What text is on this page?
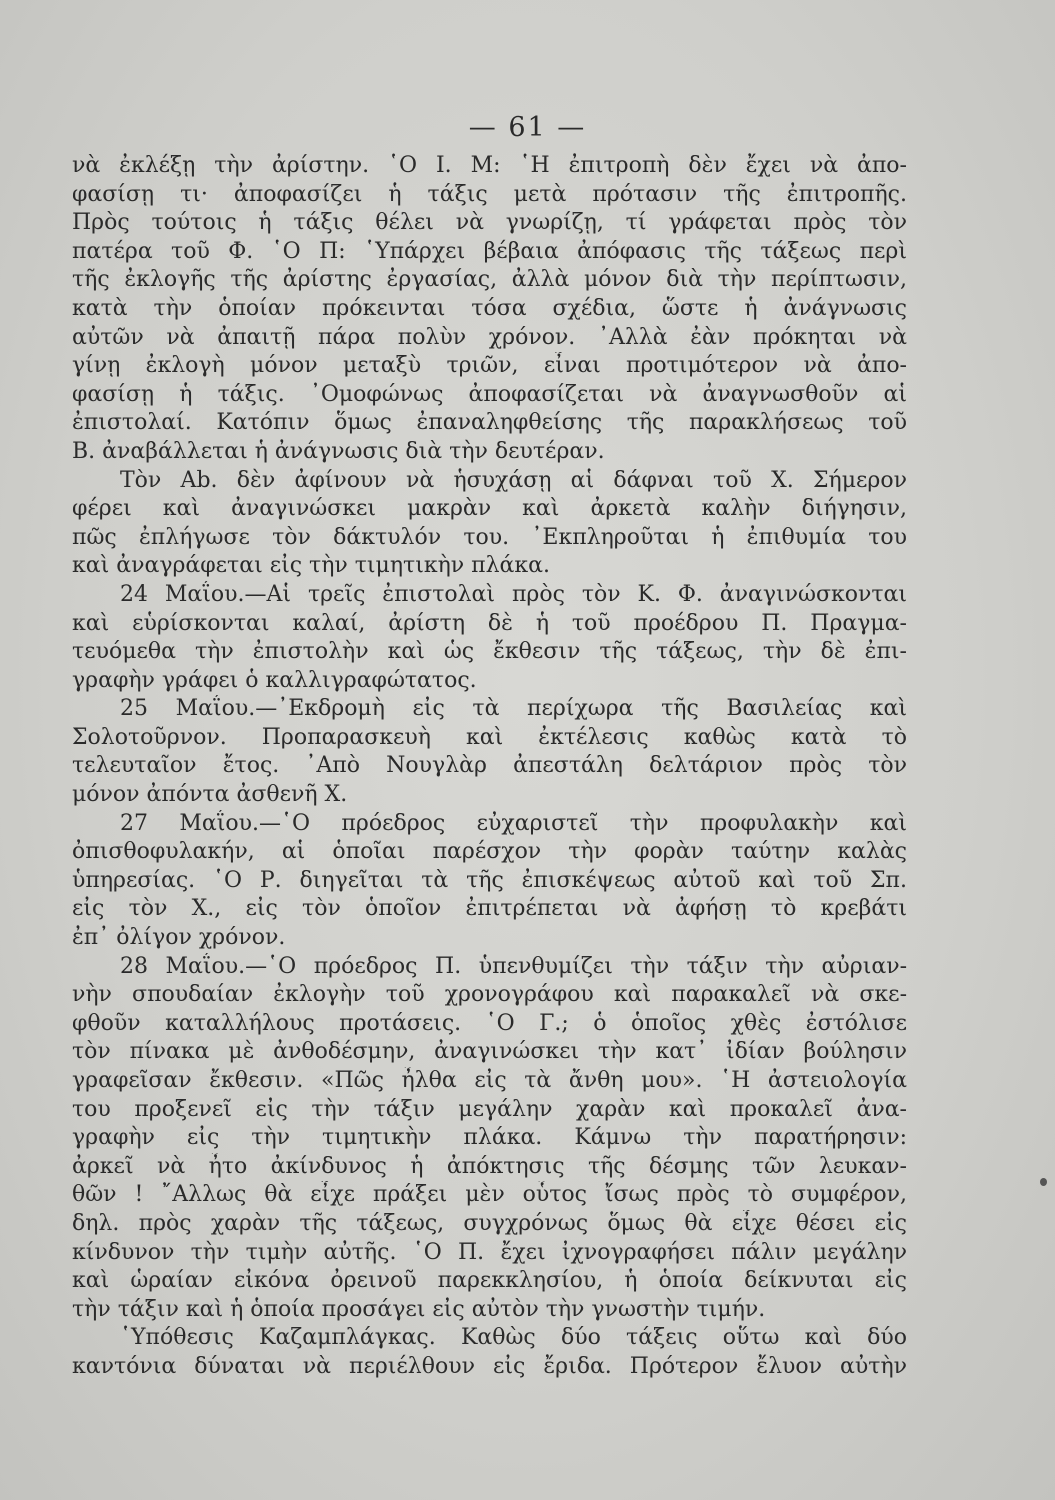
— 61 —
νὰ ἐκλέξῃ τὴν ἀρίστην. ῾Ο Ι. Μ: ῾Η ἐπιτροπὴ δὲν ἔχει νὰ ἀπο-
φασίσῃ τι· ἀποφασίζει ἡ τάξις μετὰ πρότασιν τῆς ἐπιτροπῆς.
Πρὸς τούτοις ἡ τάξις θέλει νὰ γνωρίζῃ, τί γράφεται πρὸς τὸν
πατέρα τοῦ Φ. ῾Ο Π: ῾Υπάρχει βέβαια ἀπόφασις τῆς τάξεως περὶ
τῆς ἐκλογῆς τῆς ἀρίστης ἐργασίας, ἀλλὰ μόνον διὰ τὴν περίπτωσιν,
κατὰ τὴν ὁποίαν πρόκεινται τόσα σχέδια, ὥστε ἡ ἀνάγνωσις
αὐτῶν νὰ ἀπαιτῇ πάρα πολὺν χρόνον. ᾿Αλλὰ ἐὰν πρόκηται νὰ
γίνῃ ἐκλογὴ μόνον μεταξὺ τριῶν, εἶναι προτιμότερον νὰ ἀπο-
φασίσῃ ἡ τάξις. ᾿Ομοφώνως ἀποφασίζεται νὰ ἀναγνωσθοῦν αἱ
ἐπιστολαί. Κατόπιν ὅμως ἐπαναληφθείσης τῆς παρακλήσεως τοῦ
Β. ἀναβάλλεται ἡ ἀνάγνωσις διὰ τὴν δευτέραν.
Τὸν Αb. δὲν ἀφίνουν νὰ ἡσυχάσῃ αἱ δάφναι τοῦ Χ. Σήμερον
φέρει καὶ ἀναγινώσκει μακρὰν καὶ ἀρκετὰ καλὴν διήγησιν,
πῶς ἐπλήγωσε τὸν δάκτυλόν του. ᾿Εκπληροῦται ἡ ἐπιθυμία του
καὶ ἀναγράφεται εἰς τὴν τιμητικὴν πλάκα.
24 Μαΐου.—Αἱ τρεῖς ἐπιστολαὶ πρὸς τὸν Κ. Φ. ἀναγινώσκονται
καὶ εὑρίσκονται καλαί, ἀρίστη δὲ ἡ τοῦ προέδρου Π. Πραγμα-
τευόμεθα τὴν ἐπιστολὴν καὶ ὡς ἔκθεσιν τῆς τάξεως, τὴν δὲ ἐπι-
γραφὴν γράφει ὁ καλλιγραφώτατος.
25 Μαΐου.—᾿Εκδρομὴ εἰς τὰ περίχωρα τῆς Βασιλείας καὶ
Σολοτοῦρνον. Προπαρασκευὴ καὶ ἐκτέλεσις καθὼς κατὰ τὸ
τελευταῖον ἔτος. ᾿Απὸ Νουγλὰρ ἀπεστάλη δελτάριον πρὸς τὸν
μόνον ἀπόντα ἀσθενῆ Χ.
27 Μαΐου.—῾Ο πρόεδρος εὐχαριστεῖ τὴν προφυλακὴν καὶ
ὀπισθοφυλακήν, αἱ ὁποῖαι παρέσχον τὴν φορὰν ταύτην καλὰς
ὑπηρεσίας. ῾Ο Ρ. διηγεῖται τὰ τῆς ἐπισκέψεως αὐτοῦ καὶ τοῦ Σπ.
εἰς τὸν Χ., εἰς τὸν ὁποῖον ἐπιτρέπεται νὰ ἀφήσῃ τὸ κρεβάτι
ἐπ᾿ ὀλίγον χρόνον.
28 Μαΐου.—῾Ο πρόεδρος Π. ὑπενθυμίζει τὴν τάξιν τὴν αὐριαν-
νὴν σπουδαίαν ἐκλογὴν τοῦ χρονογράφου καὶ παρακαλεῖ νὰ σκε-
φθοῦν καταλλήλους προτάσεις. ῾Ο Γ.; ὁ ὁποῖος χθὲς ἐστόλισε
τὸν πίνακα μὲ ἀνθοδέσμην, ἀναγινώσκει τὴν κατ᾿ ἰδίαν βούλησιν
γραφεῖσαν ἔκθεσιν. «Πῶς ἦλθα εἰς τὰ ἄνθη μου». ῾Η ἀστειολογία
του προξενεῖ εἰς τὴν τάξιν μεγάλην χαρὰν καὶ προκαλεῖ ἀνα-
γραφὴν εἰς τὴν τιμητικὴν πλάκα. Κάμνω τὴν παρατήρησιν:
ἀρκεῖ νὰ ἦτο ἀκίνδυνος ἡ ἀπόκτησις τῆς δέσμης τῶν λευκαν-
θῶν ! ῎Αλλως θὰ εἶχε πράξει μὲν οὗτος ἴσως πρὸς τὸ συμφέρον,
δηλ. πρὸς χαρὰν τῆς τάξεως, συγχρόνως ὅμως θὰ εἶχε θέσει εἰς
κίνδυνον τὴν τιμὴν αὐτῆς. ῾Ο Π. ἔχει ἰχνογραφήσει πάλιν μεγάλην
καὶ ὡραίαν εἰκόνα ὀρεινοῦ παρεκκλησίου, ἡ ὁποία δείκνυται εἰς
τὴν τάξιν καὶ ἡ ὁποία προσάγει εἰς αὐτὸν τὴν γνωστὴν τιμήν.
῾Υπόθεσις Καζαμπλάγκας. Καθὼς δύο τάξεις οὕτω καὶ δύο
καντόνια δύναται νὰ περιέλθουν εἰς ἔριδα. Πρότερον ἔλυον αὐτὴν
